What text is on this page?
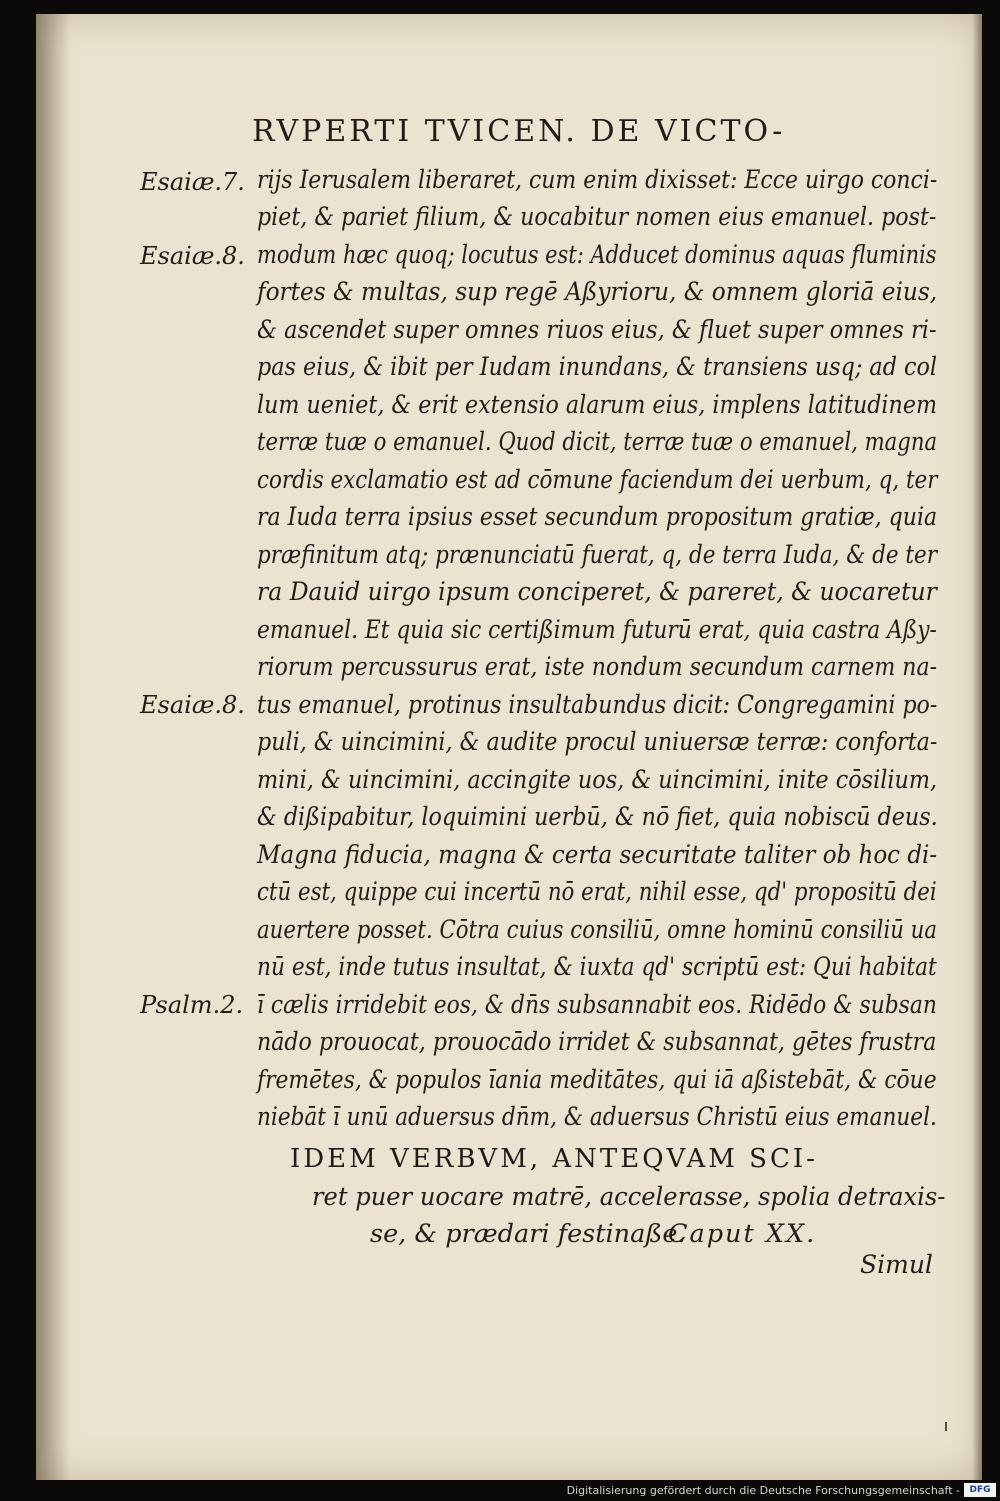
RVPERTI TVICEN. DE VICTO-
Esaiæ.7.
Esaiæ.8.
Esaiæ.8.
Psalm.2.
rijs Ierusalem liberaret, cum enim dixisset: Ecce uirgo conci-
piet, & pariet filium, & uocabitur nomen eius emanuel. post-
modum hæc quoq; locutus est: Adducet dominus aquas fluminis
fortes & multas, sup regē Aßyrioru, & omnem gloriā eius,
& ascendet super omnes riuos eius, & fluet super omnes ri-
pas eius, & ibit per Iudam inundans, & transiens usq; ad col
lum ueniet, & erit extensio alarum eius, implens latitudinem
terræ tuæ o emanuel. Quod dicit, terræ tuæ o emanuel, magna
cordis exclamatio est ad cōmune faciendum dei uerbum, q, ter
ra Iuda terra ipsius esset secundum propositum gratiæ, quia
præfinitum atq; prænunciatū fuerat, q, de terra Iuda, & de ter
ra Dauid uirgo ipsum conciperet, & pareret, & uocaretur
emanuel. Et quia sic certißimum futurū erat, quia castra Aßy-
riorum percussurus erat, iste nondum secundum carnem na-
tus emanuel, protinus insultabundus dicit: Congregamini po-
puli, & uincimini, & audite procul uniuersæ terræ: conforta-
mini, & uincimini, accingite uos, & uincimini, inite cōsilium,
& dißipabitur, loquimini uerbū, & nō fiet, quia nobiscū deus.
Magna fiducia, magna & certa securitate taliter ob hoc di-
ctū est, quippe cui incertū nō erat, nihil esse, qd' propositū dei
auertere posset. Cōtra cuius consiliū, omne hominū consiliū ua
nū est, inde tutus insultat, & iuxta qd' scriptū est: Qui habitat
ī cælis irridebit eos, & dn̄s subsannabit eos. Ridēdo & subsan
nādo prouocat, prouocādo irridet & subsannat, gētes frustra
fremētes, & populos īania meditātes, qui iā aßistebāt, & cōue
niebāt ī unū aduersus dn̄m, & aduersus Christū eius emanuel.
IDEM VERBVM, ANTEQVAM SCI-
ret puer uocare matrē, accelerasse, spolia detraxis-
se, & prædari festinaße.
Caput XX.
Simul
Digitalisierung gefördert durch die Deutsche Forschungsgemeinschaft -	DFG
